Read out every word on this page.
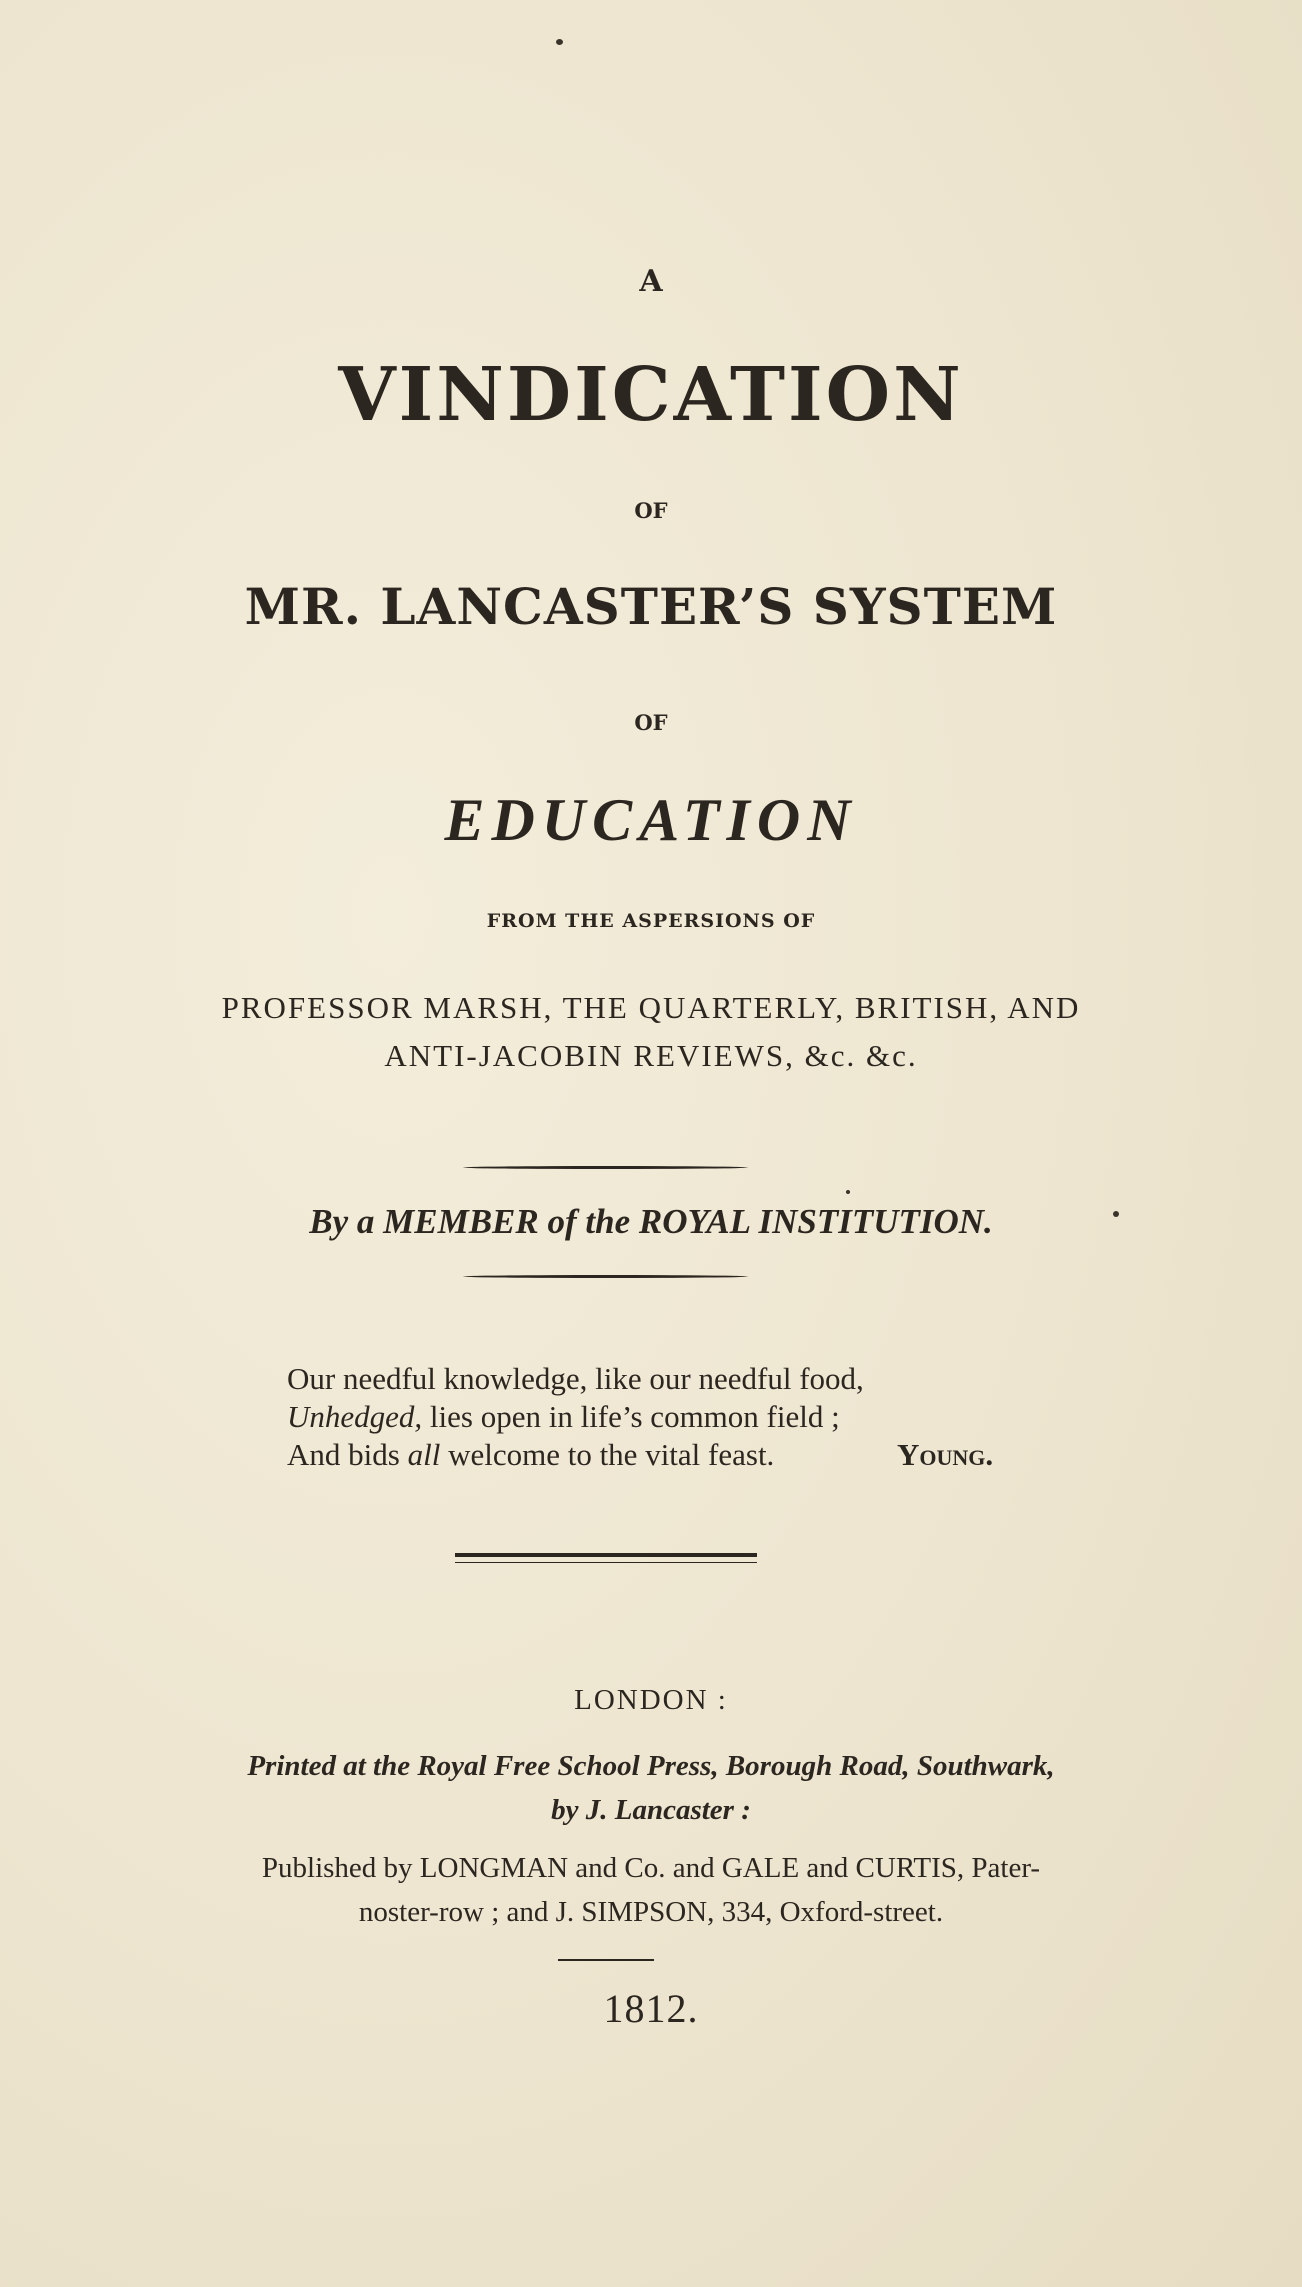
A
VINDICATION
OF
MR. LANCASTER’S SYSTEM
OF
EDUCATION
FROM THE ASPERSIONS OF
PROFESSOR MARSH, THE QUARTERLY, BRITISH, AND
ANTI-JACOBIN REVIEWS, &c. &c.
By a MEMBER of the ROYAL INSTITUTION.
Our needful knowledge, like our needful food,
Unhedged, lies open in life’s common field ;
And bids all welcome to the vital feast.	Young.
LONDON :
Printed at the Royal Free School Press, Borough Road, Southwark,
by J. Lancaster :
Published by LONGMAN and Co. and GALE and CURTIS, Pater-
noster-row ; and J. SIMPSON, 334, Oxford-street.
1812.
